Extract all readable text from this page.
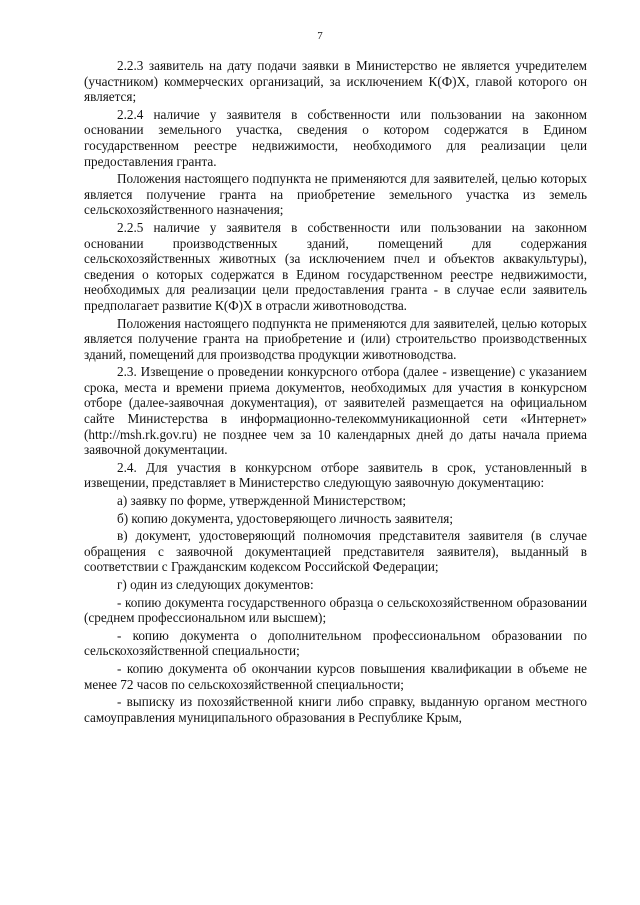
7

2.2.3 заявитель на дату подачи заявки в Министерство не является учредителем (участником) коммерческих организаций, за исключением К(Ф)Х, главой которого он является;

2.2.4 наличие у заявителя в собственности или пользовании на законном основании земельного участка, сведения о котором содержатся в Едином государственном реестре недвижимости, необходимого для реализации цели предоставления гранта.

Положения настоящего подпункта не применяются для заявителей, целью которых является получение гранта на приобретение земельного участка из земель сельскохозяйственного назначения;

2.2.5 наличие у заявителя в собственности или пользовании на законном основании производственных зданий, помещений для содержания сельскохозяйственных животных (за исключением пчел и объектов аквакультуры), сведения о которых содержатся в Едином государственном реестре недвижимости, необходимых для реализации цели предоставления гранта - в случае если заявитель предполагает развитие К(Ф)Х в отрасли животноводства.

Положения настоящего подпункта не применяются для заявителей, целью которых является получение гранта на приобретение и (или) строительство производственных зданий, помещений для производства продукции животноводства.

2.3. Извещение о проведении конкурсного отбора (далее - извещение) с указанием срока, места и времени приема документов, необходимых для участия в конкурсном отборе (далее-заявочная документация), от заявителей размещается на официальном сайте Министерства в информационно-телекоммуникационной сети «Интернет» (http://msh.rk.gov.ru) не позднее чем за 10 календарных дней до даты начала приема заявочной документации.

2.4. Для участия в конкурсном отборе заявитель в срок, установленный в извещении, представляет в Министерство следующую заявочную документацию:

а) заявку по форме, утвержденной Министерством;

б) копию документа, удостоверяющего личность заявителя;

в) документ, удостоверяющий полномочия представителя заявителя (в случае обращения с заявочной документацией представителя заявителя), выданный в соответствии с Гражданским кодексом Российской Федерации;

г) один из следующих документов:

- копию документа государственного образца о сельскохозяйственном образовании (среднем профессиональном или высшем);

- копию документа о дополнительном профессиональном образовании по сельскохозяйственной специальности;

- копию документа об окончании курсов повышения квалификации в объеме не менее 72 часов по сельскохозяйственной специальности;

- выписку из похозяйственной книги либо справку, выданную органом местного самоуправления муниципального образования в Республике Крым,
